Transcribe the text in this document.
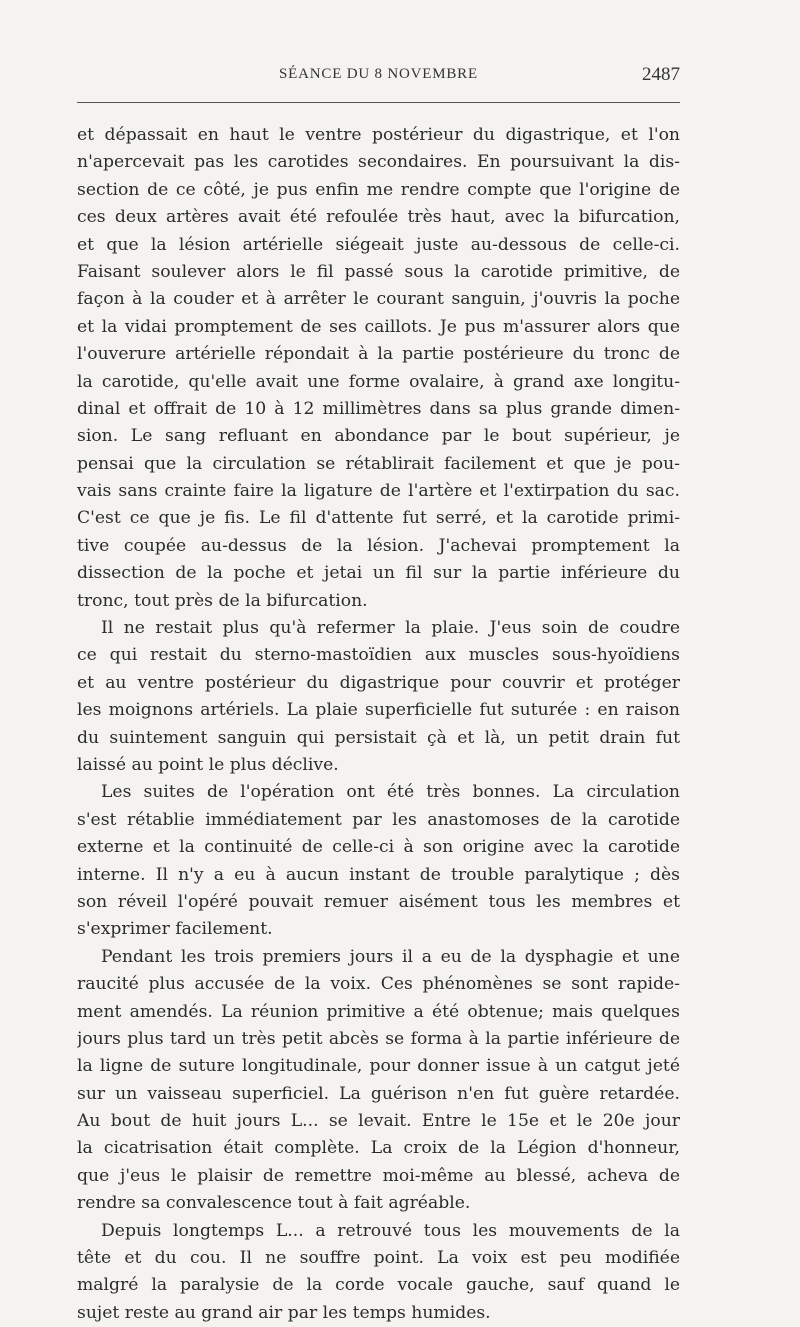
SÉANCE DU 8 NOVEMBRE	2487
et dépassait en haut le ventre postérieur du digastrique, et l'on
n'apercevait pas les carotides secondaires. En poursuivant la dis-
section de ce côté, je pus enfin me rendre compte que l'origine de
ces deux artères avait été refoulée très haut, avec la bifurcation,
et que la lésion artérielle siégeait juste au-dessous de celle-ci.
Faisant soulever alors le fil passé sous la carotide primitive, de
façon à la couder et à arrêter le courant sanguin, j'ouvris la poche
et la vidai promptement de ses caillots. Je pus m'assurer alors que
l'ouverure artérielle répondait à la partie postérieure du tronc de
la carotide, qu'elle avait une forme ovalaire, à grand axe longitu-
dinal et offrait de 10 à 12 millimètres dans sa plus grande dimen-
sion. Le sang refluant en abondance par le bout supérieur, je
pensai que la circulation se rétablirait facilement et que je pou-
vais sans crainte faire la ligature de l'artère et l'extirpation du sac.
C'est ce que je fis. Le fil d'attente fut serré, et la carotide primi-
tive coupée au-dessus de la lésion. J'achevai promptement la
dissection de la poche et jetai un fil sur la partie inférieure du
tronc, tout près de la bifurcation.
Il ne restait plus qu'à refermer la plaie. J'eus soin de coudre
ce qui restait du sterno-mastoïdien aux muscles sous-hyoïdiens
et au ventre postérieur du digastrique pour couvrir et protéger
les moignons artériels. La plaie superficielle fut suturée : en raison
du suintement sanguin qui persistait çà et là, un petit drain fut
laissé au point le plus déclive.
Les suites de l'opération ont été très bonnes. La circulation
s'est rétablie immédiatement par les anastomoses de la carotide
externe et la continuité de celle-ci à son origine avec la carotide
interne. Il n'y a eu à aucun instant de trouble paralytique ; dès
son réveil l'opéré pouvait remuer aisément tous les membres et
s'exprimer facilement.
Pendant les trois premiers jours il a eu de la dysphagie et une
raucité plus accusée de la voix. Ces phénomènes se sont rapide-
ment amendés. La réunion primitive a été obtenue; mais quelques
jours plus tard un très petit abcès se forma à la partie inférieure de
la ligne de suture longitudinale, pour donner issue à un catgut jeté
sur un vaisseau superficiel. La guérison n'en fut guère retardée.
Au bout de huit jours L... se levait. Entre le 15e et le 20e jour
la cicatrisation était complète. La croix de la Légion d'honneur,
que j'eus le plaisir de remettre moi-même au blessé, acheva de
rendre sa convalescence tout à fait agréable.
Depuis longtemps L... a retrouvé tous les mouvements de la
tête et du cou. Il ne souffre point. La voix est peu modifiée
malgré la paralysie de la corde vocale gauche, sauf quand le
sujet reste au grand air par les temps humides.
